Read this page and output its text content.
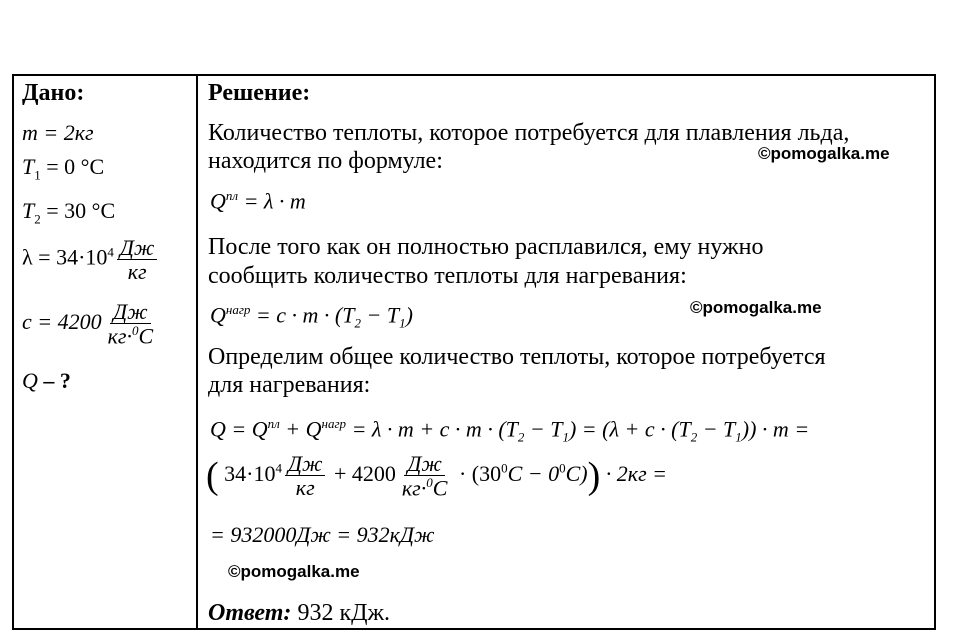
Дано:
m = 2кг
$T_1 = 0$ °C
$T_2 = 30$ °C
$\lambda = 34\cdot 10^4 \frac{Дж}{кг}$
$c = 4200 \frac{Дж}{кг\cdot^0C}$
Q – ?
Решение:
Количество теплоты, которое потребуется для плавления льда,
находится по формуле:	©pomogalka.me
$Q^{пл} = \lambda \cdot m$
После того как он полностью расплавился, ему нужно
сообщить количество теплоты для нагревания:
$Q^{нагр} = c \cdot m \cdot (T_2 - T_1)$	©pomogalka.me
Определим общее количество теплоты, которое потребуется
для нагревания:
$Q = Q^{пл} + Q^{нагр} = \lambda \cdot m + c \cdot m \cdot (T_2 - T_1) = (\lambda + c \cdot (T_2 - T_1)) \cdot m$ =
( $34\cdot 10^4 \frac{Дж}{кг} + 4200 \frac{Дж}{кг\cdot^0C} \cdot (30^0C - 0^0C)) \cdot 2кг$ =
= 932000Дж = 932кДж
©pomogalka.me
Ответ: 932 кДж.
